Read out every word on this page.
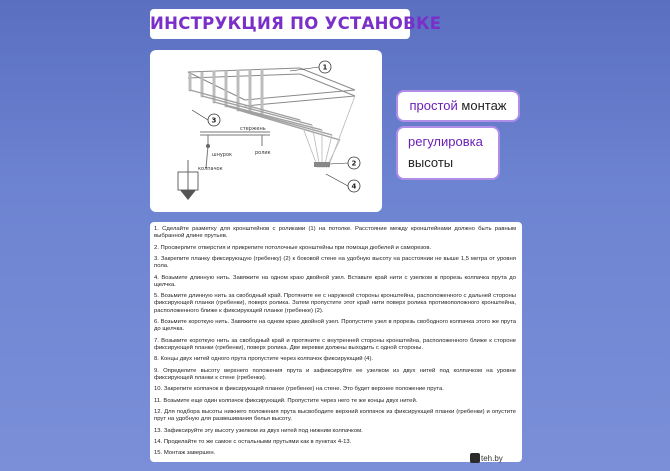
ИНСТРУКЦИЯ ПО УСТАНОВКЕ
стержень
шнурок	ролик
колпачок
1
3
2
4
простой монтаж
регулировка
высоты

1. Сделайте разметку для кронштейнов с роликами (1) на потолке. Расстояние между кронштейнами должно быть равным выбранной длине прутьев.

2. Просверлите отверстия и прикрепите потолочные кронштейны при помощи дюбелей и саморезов.

3. Закрепите планку фиксирующую (гребенку) (2) к боковой стене на удобную высоту на расстоянии не выше 1,5 метра от уровня пола.

4. Возьмите длинную нить. Завяжите на одном краю двойной узел. Вставьте край нити с узелком в прорезь колпачка прута до щелчка.

5. Возьмите длинную нить за свободный край. Протяните ее с наружной стороны кронштейна, расположенного с дальней стороны фиксирующей планки (гребенки), поверх ролика. Затем пропустите этот край нити поверх ролика противоположного кронштейна, расположенного ближе к фиксирующей планке (гребенке) (2).

6. Возьмите короткую нить. Завяжите на одном краю двойной узел. Пропустите узел в прорезь свободного колпачка этого же прута до щелчка.

7. Возьмите короткую нить за свободный край и протяните с внутренней стороны кронштейна, расположенного ближе к стороне фиксирующей планки (гребенки), поверх ролика. Две веревки должны выходить с одной стороны.

8. Концы двух нитей одного прута пропустите через колпачок фиксирующий (4).

9. Определите высоту верхнего положения прута и зафиксируйте ее узелком из двух нитей под колпачком на уровне фиксирующей планки к стене (гребенки).

10. Закрепите колпачок в фиксирующей планке (гребенке) на стене. Это будет верхнее положение прута.

11. Возьмите еще один колпачок фиксирующий. Пропустите через него те же концы двух нитей.

12. Для подбора высоты нижнего положения прута высвободите верхний колпачок из фиксирующей планки (гребенки) и опустите прут на удобную для развешивания белья высоту.

13. Зафиксируйте эту высоту узелком из двух нитей под нижним колпачком.

14. Проделайте то же самое с остальными прутьями как в пунктах 4-13.

15. Монтаж завершен.

teh.by
